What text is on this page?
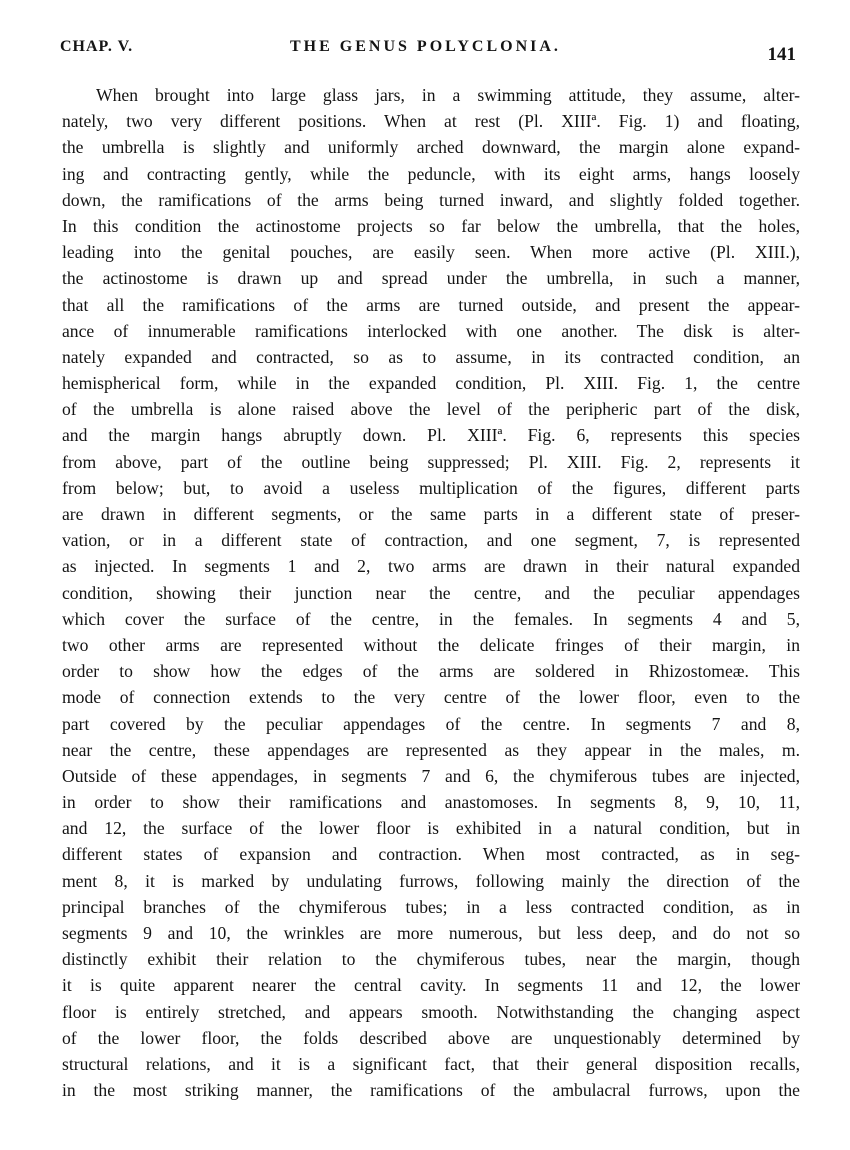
CHAP. V.	THE GENUS POLYCLONIA.	141
When brought into large glass jars, in a swimming attitude, they assume, alter-
nately, two very different positions. When at rest (Pl. XIIIª. Fig. 1) and floating,
the umbrella is slightly and uniformly arched downward, the margin alone expand-
ing and contracting gently, while the peduncle, with its eight arms, hangs loosely
down, the ramifications of the arms being turned inward, and slightly folded together.
In this condition the actinostome projects so far below the umbrella, that the holes,
leading into the genital pouches, are easily seen. When more active (Pl. XIII.),
the actinostome is drawn up and spread under the umbrella, in such a manner,
that all the ramifications of the arms are turned outside, and present the appear-
ance of innumerable ramifications interlocked with one another. The disk is alter-
nately expanded and contracted, so as to assume, in its contracted condition, an
hemispherical form, while in the expanded condition, Pl. XIII. Fig. 1, the centre
of the umbrella is alone raised above the level of the peripheric part of the disk,
and the margin hangs abruptly down. Pl. XIIIª. Fig. 6, represents this species
from above, part of the outline being suppressed; Pl. XIII. Fig. 2, represents it
from below; but, to avoid a useless multiplication of the figures, different parts
are drawn in different segments, or the same parts in a different state of preser-
vation, or in a different state of contraction, and one segment, 7, is represented
as injected. In segments 1 and 2, two arms are drawn in their natural expanded
condition, showing their junction near the centre, and the peculiar appendages
which cover the surface of the centre, in the females. In segments 4 and 5,
two other arms are represented without the delicate fringes of their margin, in
order to show how the edges of the arms are soldered in Rhizostomeæ. This
mode of connection extends to the very centre of the lower floor, even to the
part covered by the peculiar appendages of the centre. In segments 7 and 8,
near the centre, these appendages are represented as they appear in the males, m.
Outside of these appendages, in segments 7 and 6, the chymiferous tubes are injected,
in order to show their ramifications and anastomoses. In segments 8, 9, 10, 11,
and 12, the surface of the lower floor is exhibited in a natural condition, but in
different states of expansion and contraction. When most contracted, as in seg-
ment 8, it is marked by undulating furrows, following mainly the direction of the
principal branches of the chymiferous tubes; in a less contracted condition, as in
segments 9 and 10, the wrinkles are more numerous, but less deep, and do not so
distinctly exhibit their relation to the chymiferous tubes, near the margin, though
it is quite apparent nearer the central cavity. In segments 11 and 12, the lower
floor is entirely stretched, and appears smooth. Notwithstanding the changing aspect
of the lower floor, the folds described above are unquestionably determined by
structural relations, and it is a significant fact, that their general disposition recalls,
in the most striking manner, the ramifications of the ambulacral furrows, upon the
